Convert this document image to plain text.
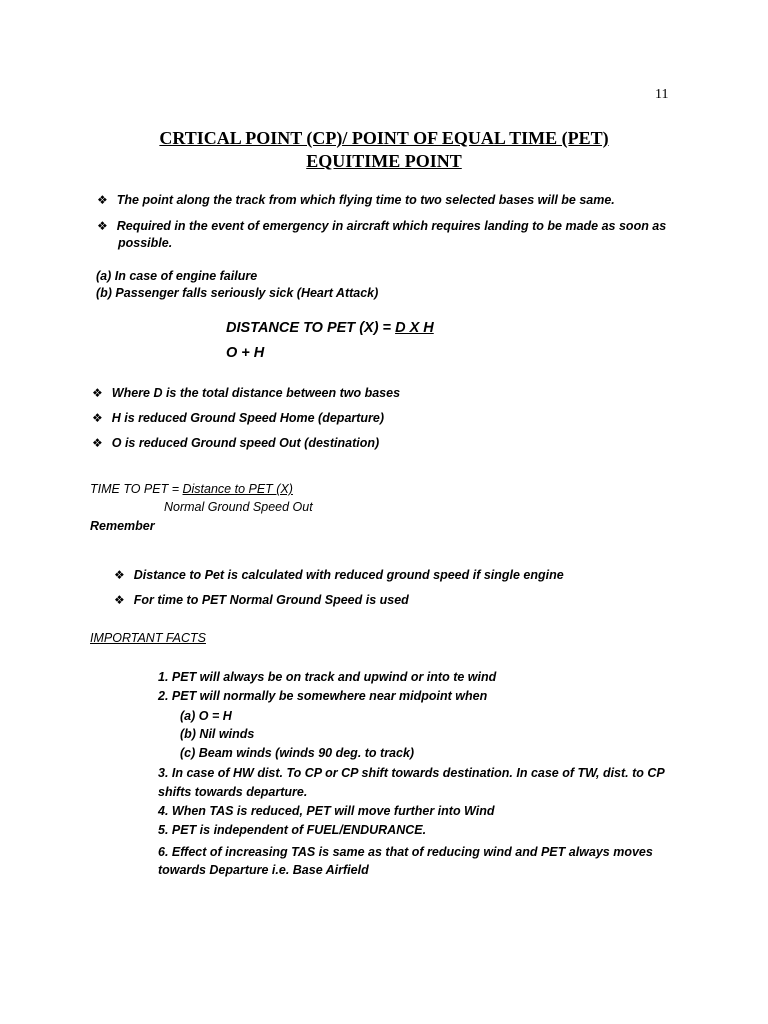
11
CRTICAL POINT (CP)/ POINT OF EQUAL TIME (PET)
EQUITIME POINT
❖ The point along the track from which flying time to two selected bases will be same.
❖ Required in the event of emergency in aircraft which requires landing to be made as soon as
possible.
(a) In case of engine failure
(b) Passenger falls seriously sick (Heart Attack)
DISTANCE TO PET (X) = D X H
O + H
❖ Where D is the total distance between two bases
❖ H is reduced Ground Speed Home (departure)
❖ O is reduced Ground speed Out (destination)
TIME TO PET = Distance to PET (X)
Normal Ground Speed Out
Remember
❖ Distance to Pet is calculated with reduced ground speed if single engine
❖ For time to PET Normal Ground Speed is used
IMPORTANT FACTS
1. PET will always be on track and upwind or into te wind
2. PET will normally be somewhere near midpoint when
(a) O = H
(b) Nil winds
(c) Beam winds (winds 90 deg. to track)
3. In case of HW dist. To CP or CP shift towards destination. In case of TW, dist. to CP
shifts towards departure.
4. When TAS is reduced, PET will move further into Wind
5. PET is independent of FUEL/ENDURANCE.
6. Effect of increasing TAS is same as that of reducing wind and PET always moves
towards Departure i.e. Base Airfield
